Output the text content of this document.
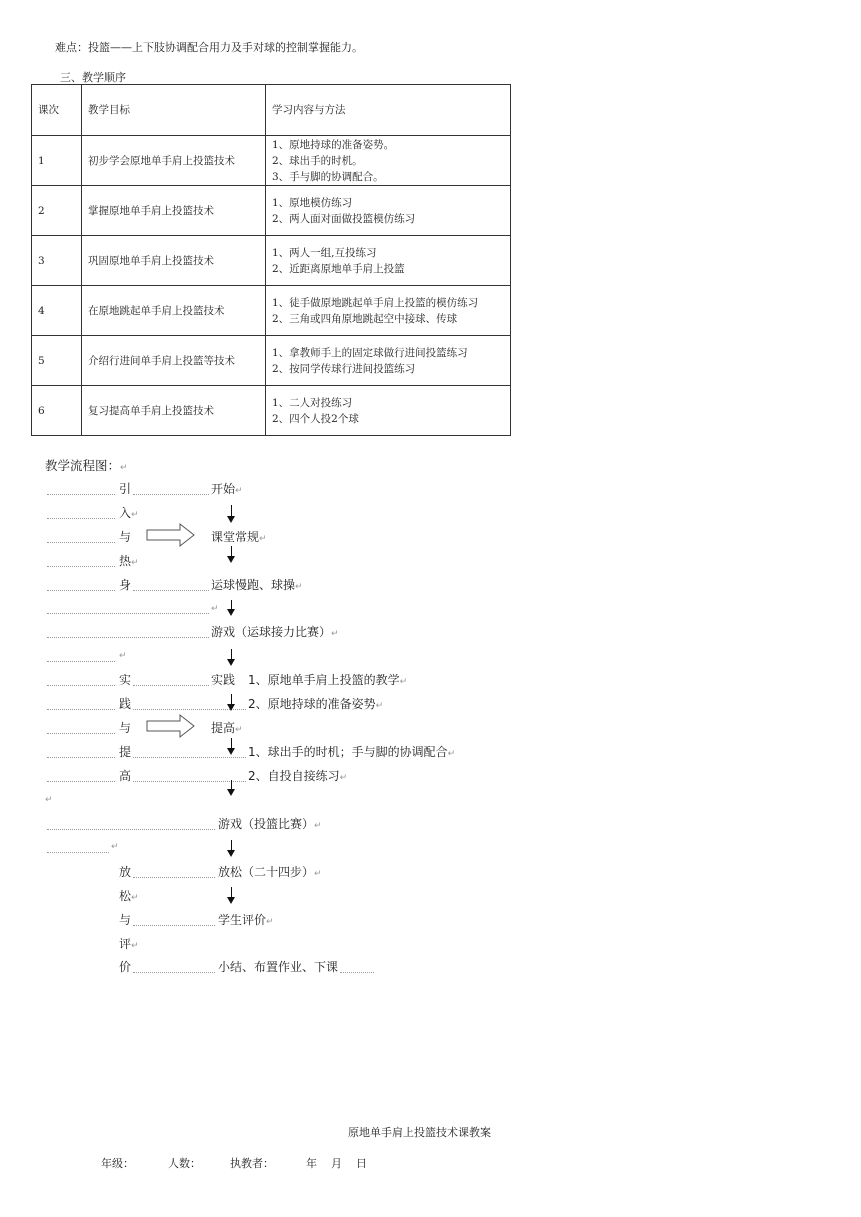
难点：投篮——上下肢协调配合用力及手对球的控制掌握能力。
三、教学顺序
课次	教学目标	学习内容与方法
1	初步学会原地单手肩上投篮技术	1、原地持球的准备姿势。
2、球出手的时机。
3、手与脚的协调配合。

2	掌握原地单手肩上投篮技术	1、原地模仿练习
2、两人面对面做投篮模仿练习

3	巩固原地单手肩上投篮技术	1、两人一组,互投练习
2、近距离原地单手肩上投篮

4	在原地跳起单手肩上投篮技术	1、徒手做原地跳起单手肩上投篮的模仿练习
2、三角或四角原地跳起空中接球、传球

5	介绍行进间单手肩上投篮等技术	1、拿教师手上的固定球做行进间投篮练习
2、按同学传球行进间投篮练习

6	复习提高单手肩上投篮技术	1、二人对投练习
2、四个人投2个球
教学流程图：↵
引	开始↵
入↵
与	课堂常规↵
热↵
身	运球慢跑、球操↵
↵
游戏（运球接力比赛）↵
↵
实	实践 1、原地单手肩上投篮的教学↵
践	2、原地持球的准备姿势↵
与	提高↵
提	1、球出手的时机；手与脚的协调配合↵
高	2、自投自接练习↵
↵
游戏（投篮比赛）↵
↵
放	放松（二十四步）↵
松↵
与	学生评价↵
评↵
价	小结、布置作业、下课
原地单手肩上投篮技术课教案
年级：	人数：	执教者：	年    月    日
